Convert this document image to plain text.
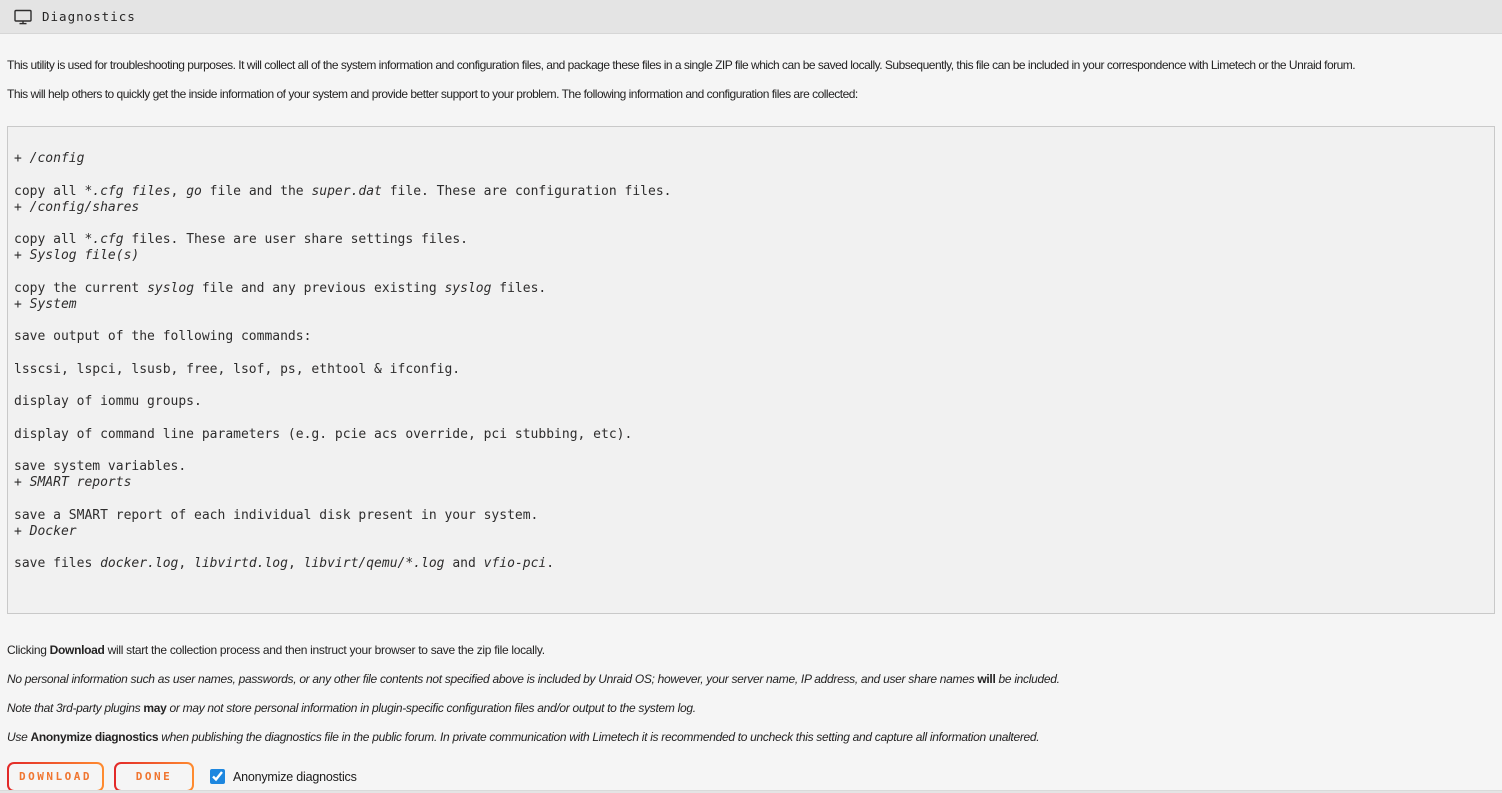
Diagnostics

This utility is used for troubleshooting purposes. It will collect all of the system information and configuration files, and package these files in a single ZIP file which can be saved locally. Subsequently, this file can be included in your correspondence with Limetech or the Unraid forum.

This will help others to quickly get the inside information of your system and provide better support to your problem. The following information and configuration files are collected:

+ /config

copy all *.cfg files, go file and the super.dat file. These are configuration files.
+ /config/shares

copy all *.cfg files. These are user share settings files.
+ Syslog file(s)

copy the current syslog file and any previous existing syslog files.
+ System

save output of the following commands:

lsscsi, lspci, lsusb, free, lsof, ps, ethtool & ifconfig.

display of iommu groups.

display of command line parameters (e.g. pcie acs override, pci stubbing, etc).

save system variables.
+ SMART reports

save a SMART report of each individual disk present in your system.
+ Docker

save files docker.log, libvirtd.log, libvirt/qemu/*.log and vfio-pci.

Clicking Download will start the collection process and then instruct your browser to save the zip file locally.

No personal information such as user names, passwords, or any other file contents not specified above is included by Unraid OS; however, your server name, IP address, and user share names will be included.

Note that 3rd-party plugins may or may not store personal information in plugin-specific configuration files and/or output to the system log.

Use Anonymize diagnostics when publishing the diagnostics file in the public forum. In private communication with Limetech it is recommended to uncheck this setting and capture all information unaltered.

DOWNLOAD	DONE	Anonymize diagnostics
